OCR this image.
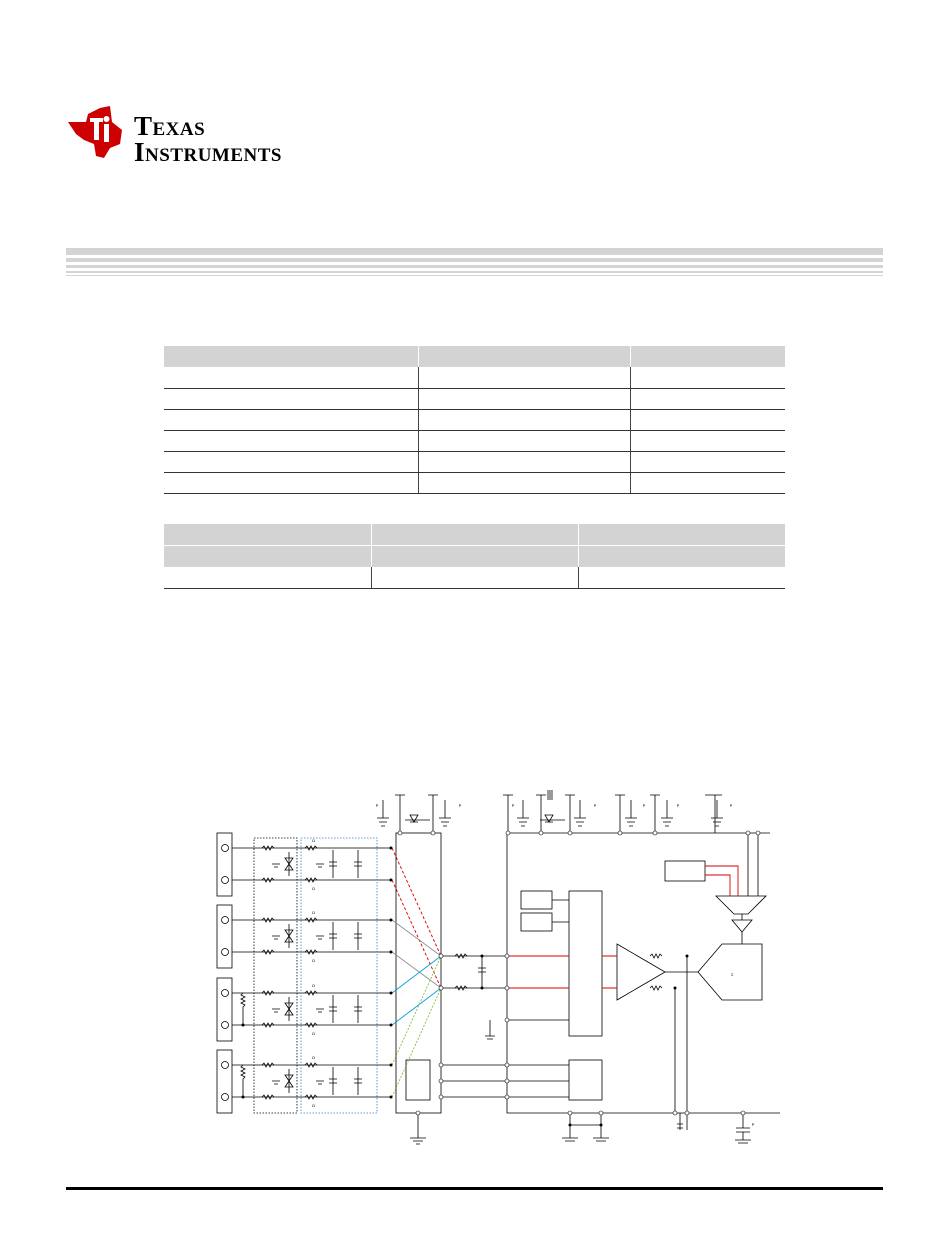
Texas
Instruments

Ω
Ω
Ω
Ω
Ω
Ω
Ω
Ω
µ	µ	µ	µ	µ	µ	µ
µ
Σ
